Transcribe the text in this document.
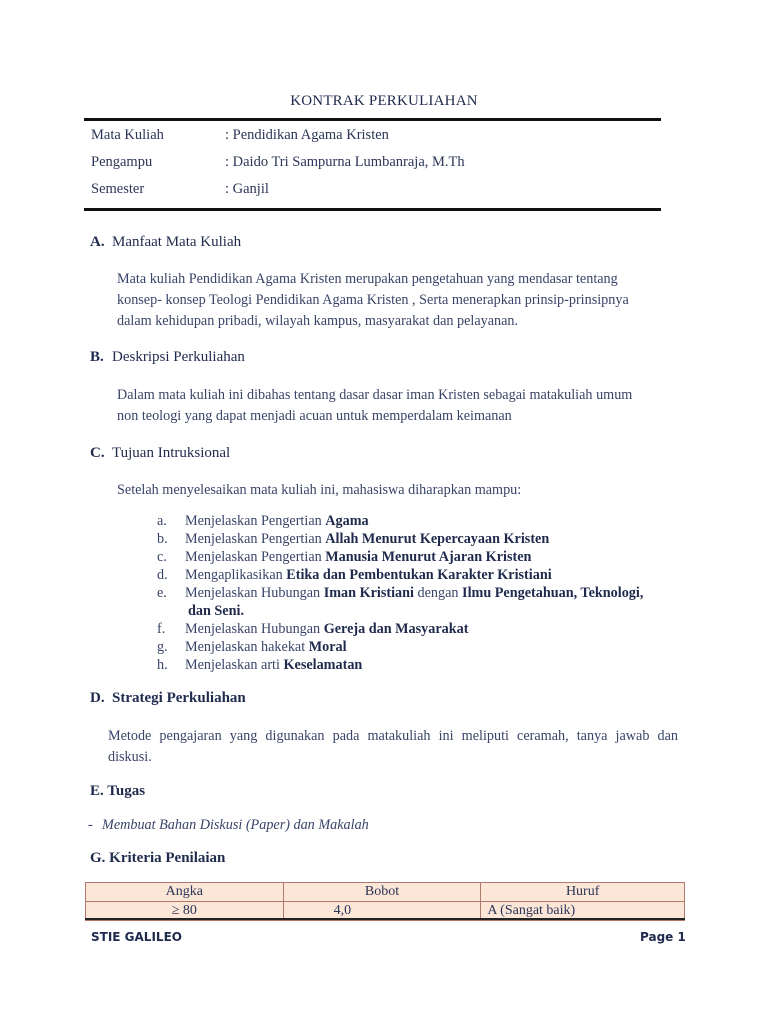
KONTRAK PERKULIAHAN
Mata Kuliah	: Pendidikan Agama Kristen
Pengampu	: Daido Tri Sampurna Lumbanraja, M.Th
Semester	: Ganjil
A. Manfaat Mata Kuliah
Mata kuliah Pendidikan Agama Kristen merupakan pengetahuan yang mendasar tentang
konsep- konsep Teologi Pendidikan Agama Kristen , Serta menerapkan prinsip-prinsipnya
dalam kehidupan pribadi, wilayah kampus, masyarakat dan pelayanan.
B. Deskripsi Perkuliahan
Dalam mata kuliah ini dibahas tentang dasar dasar iman Kristen sebagai matakuliah umum
non teologi yang dapat menjadi acuan untuk memperdalam keimanan
C. Tujuan Intruksional
Setelah menyelesaikan mata kuliah ini, mahasiswa diharapkan mampu:
a. Menjelaskan Pengertian Agama
b. Menjelaskan Pengertian Allah Menurut Kepercayaan Kristen
c. Menjelaskan Pengertian Manusia Menurut Ajaran Kristen
d. Mengaplikasikan Etika dan Pembentukan Karakter Kristiani
e. Menjelaskan Hubungan Iman Kristiani dengan Ilmu Pengetahuan, Teknologi,
dan Seni.
f. Menjelaskan Hubungan Gereja dan Masyarakat
g. Menjelaskan hakekat Moral
h. Menjelaskan arti Keselamatan
D. Strategi Perkuliahan
Metode pengajaran yang digunakan pada matakuliah ini meliputi ceramah, tanya jawab dan
diskusi.
E. Tugas
- Membuat Bahan Diskusi (Paper) dan Makalah
G. Kriteria Penilaian
Angka	Bobot	Huruf
≥ 80	4,0	A (Sangat baik)
STIE GALILEO	Page 1
